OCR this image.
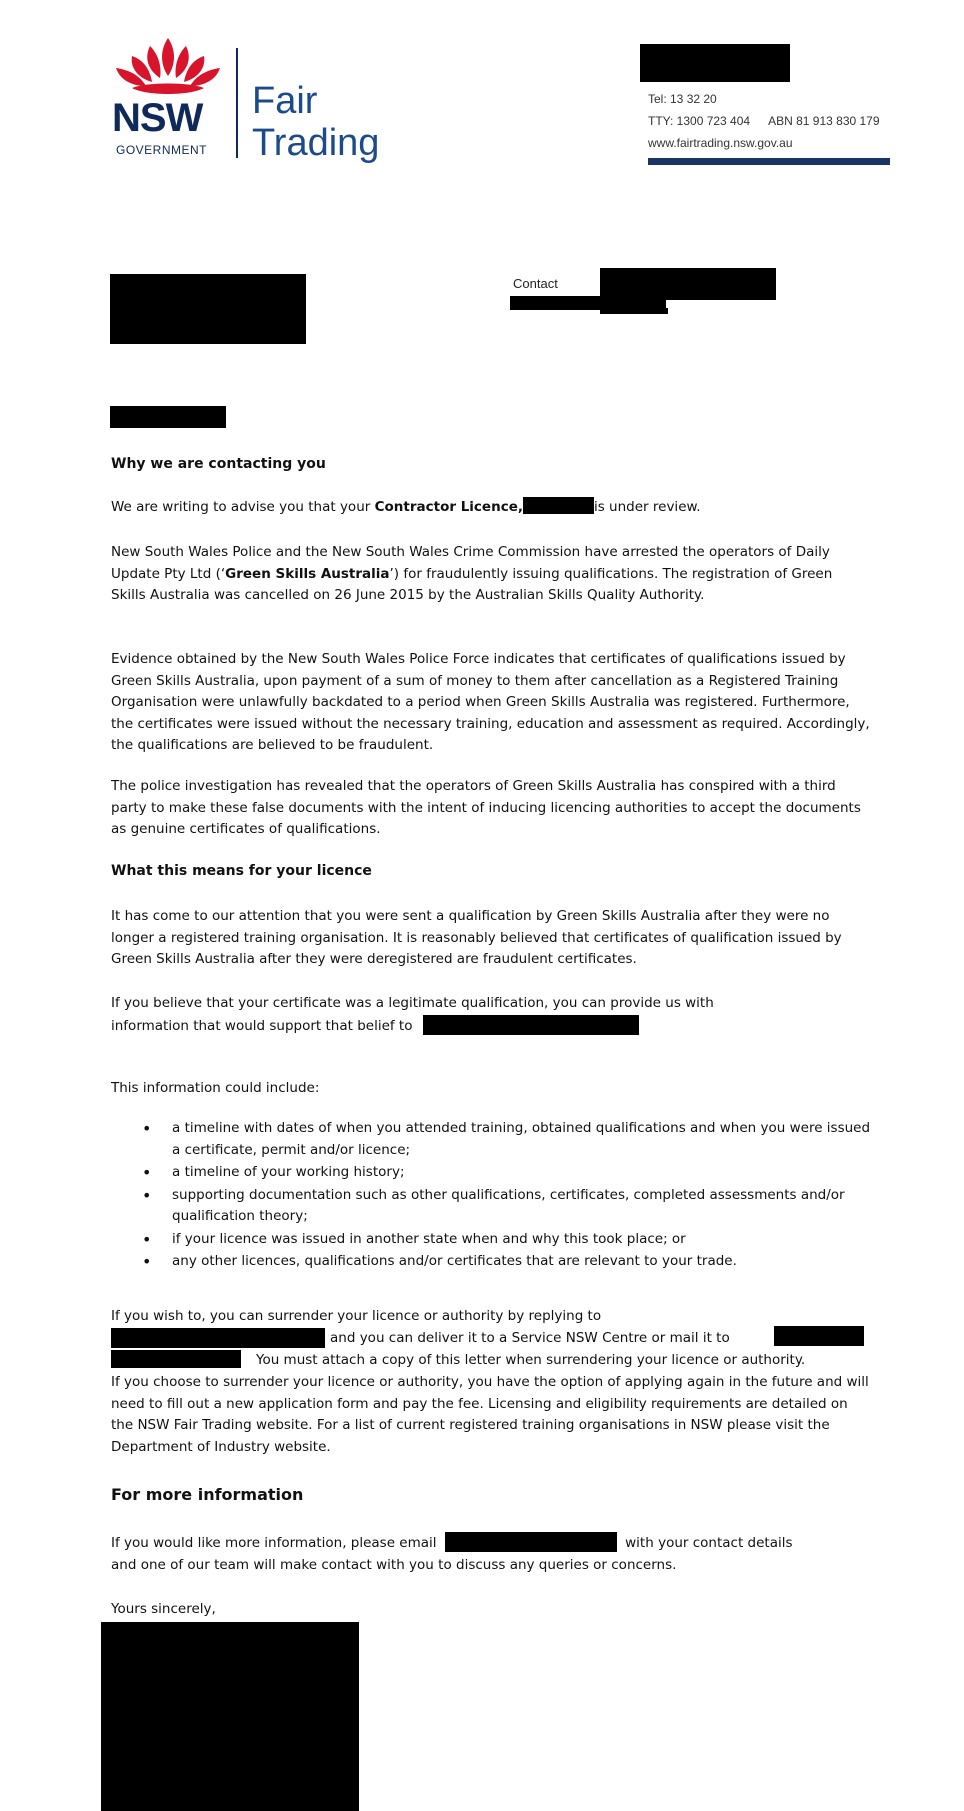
NSW
GOVERNMENT
Fair
Trading
Tel: 13 32 20
TTY: 1300 723 404 ABN 81 913 830 179
www.fairtrading.nsw.gov.au
Contact
Why we are contacting you
We are writing to advise you that your Contractor Licence,	is under review.

New South Wales Police and the New South Wales Crime Commission have arrested the operators of Daily Update Pty Ltd (‘Green Skills Australia’) for fraudulently issuing qualifications. The registration of Green Skills Australia was cancelled on 26 June 2015 by the Australian Skills Quality Authority.

Evidence obtained by the New South Wales Police Force indicates that certificates of qualifications issued by Green Skills Australia, upon payment of a sum of money to them after cancellation as a Registered Training Organisation were unlawfully backdated to a period when Green Skills Australia was registered. Furthermore, the certificates were issued without the necessary training, education and assessment as required. Accordingly, the qualifications are believed to be fraudulent.

The police investigation has revealed that the operators of Green Skills Australia has conspired with a third party to make these false documents with the intent of inducing licencing authorities to accept the documents as genuine certificates of qualifications.

What this means for your licence

It has come to our attention that you were sent a qualification by Green Skills Australia after they were no longer a registered training organisation. It is reasonably believed that certificates of qualification issued by Green Skills Australia after they were deregistered are fraudulent certificates.

If you believe that your certificate was a legitimate qualification, you can provide us with
information that would support that belief to
This information could include:
• a timeline with dates of when you attended training, obtained qualifications and when you were issued a certificate, permit and/or licence;
• a timeline of your working history;
• supporting documentation such as other qualifications, certificates, completed assessments and/or qualification theory;
• if your licence was issued in another state when and why this took place; or
• any other licences, qualifications and/or certificates that are relevant to your trade.
If you wish to, you can surrender your licence or authority by replying to
and you can deliver it to a Service NSW Centre or mail it to
You must attach a copy of this letter when surrendering your licence or authority.

If you choose to surrender your licence or authority, you have the option of applying again in the future and will need to fill out a new application form and pay the fee. Licensing and eligibility requirements are detailed on the NSW Fair Trading website. For a list of current registered training organisations in NSW please visit the Department of Industry website.

For more information
If you would like more information, please email	with your contact details
and one of our team will make contact with you to discuss any queries or concerns.
Yours sincerely,
